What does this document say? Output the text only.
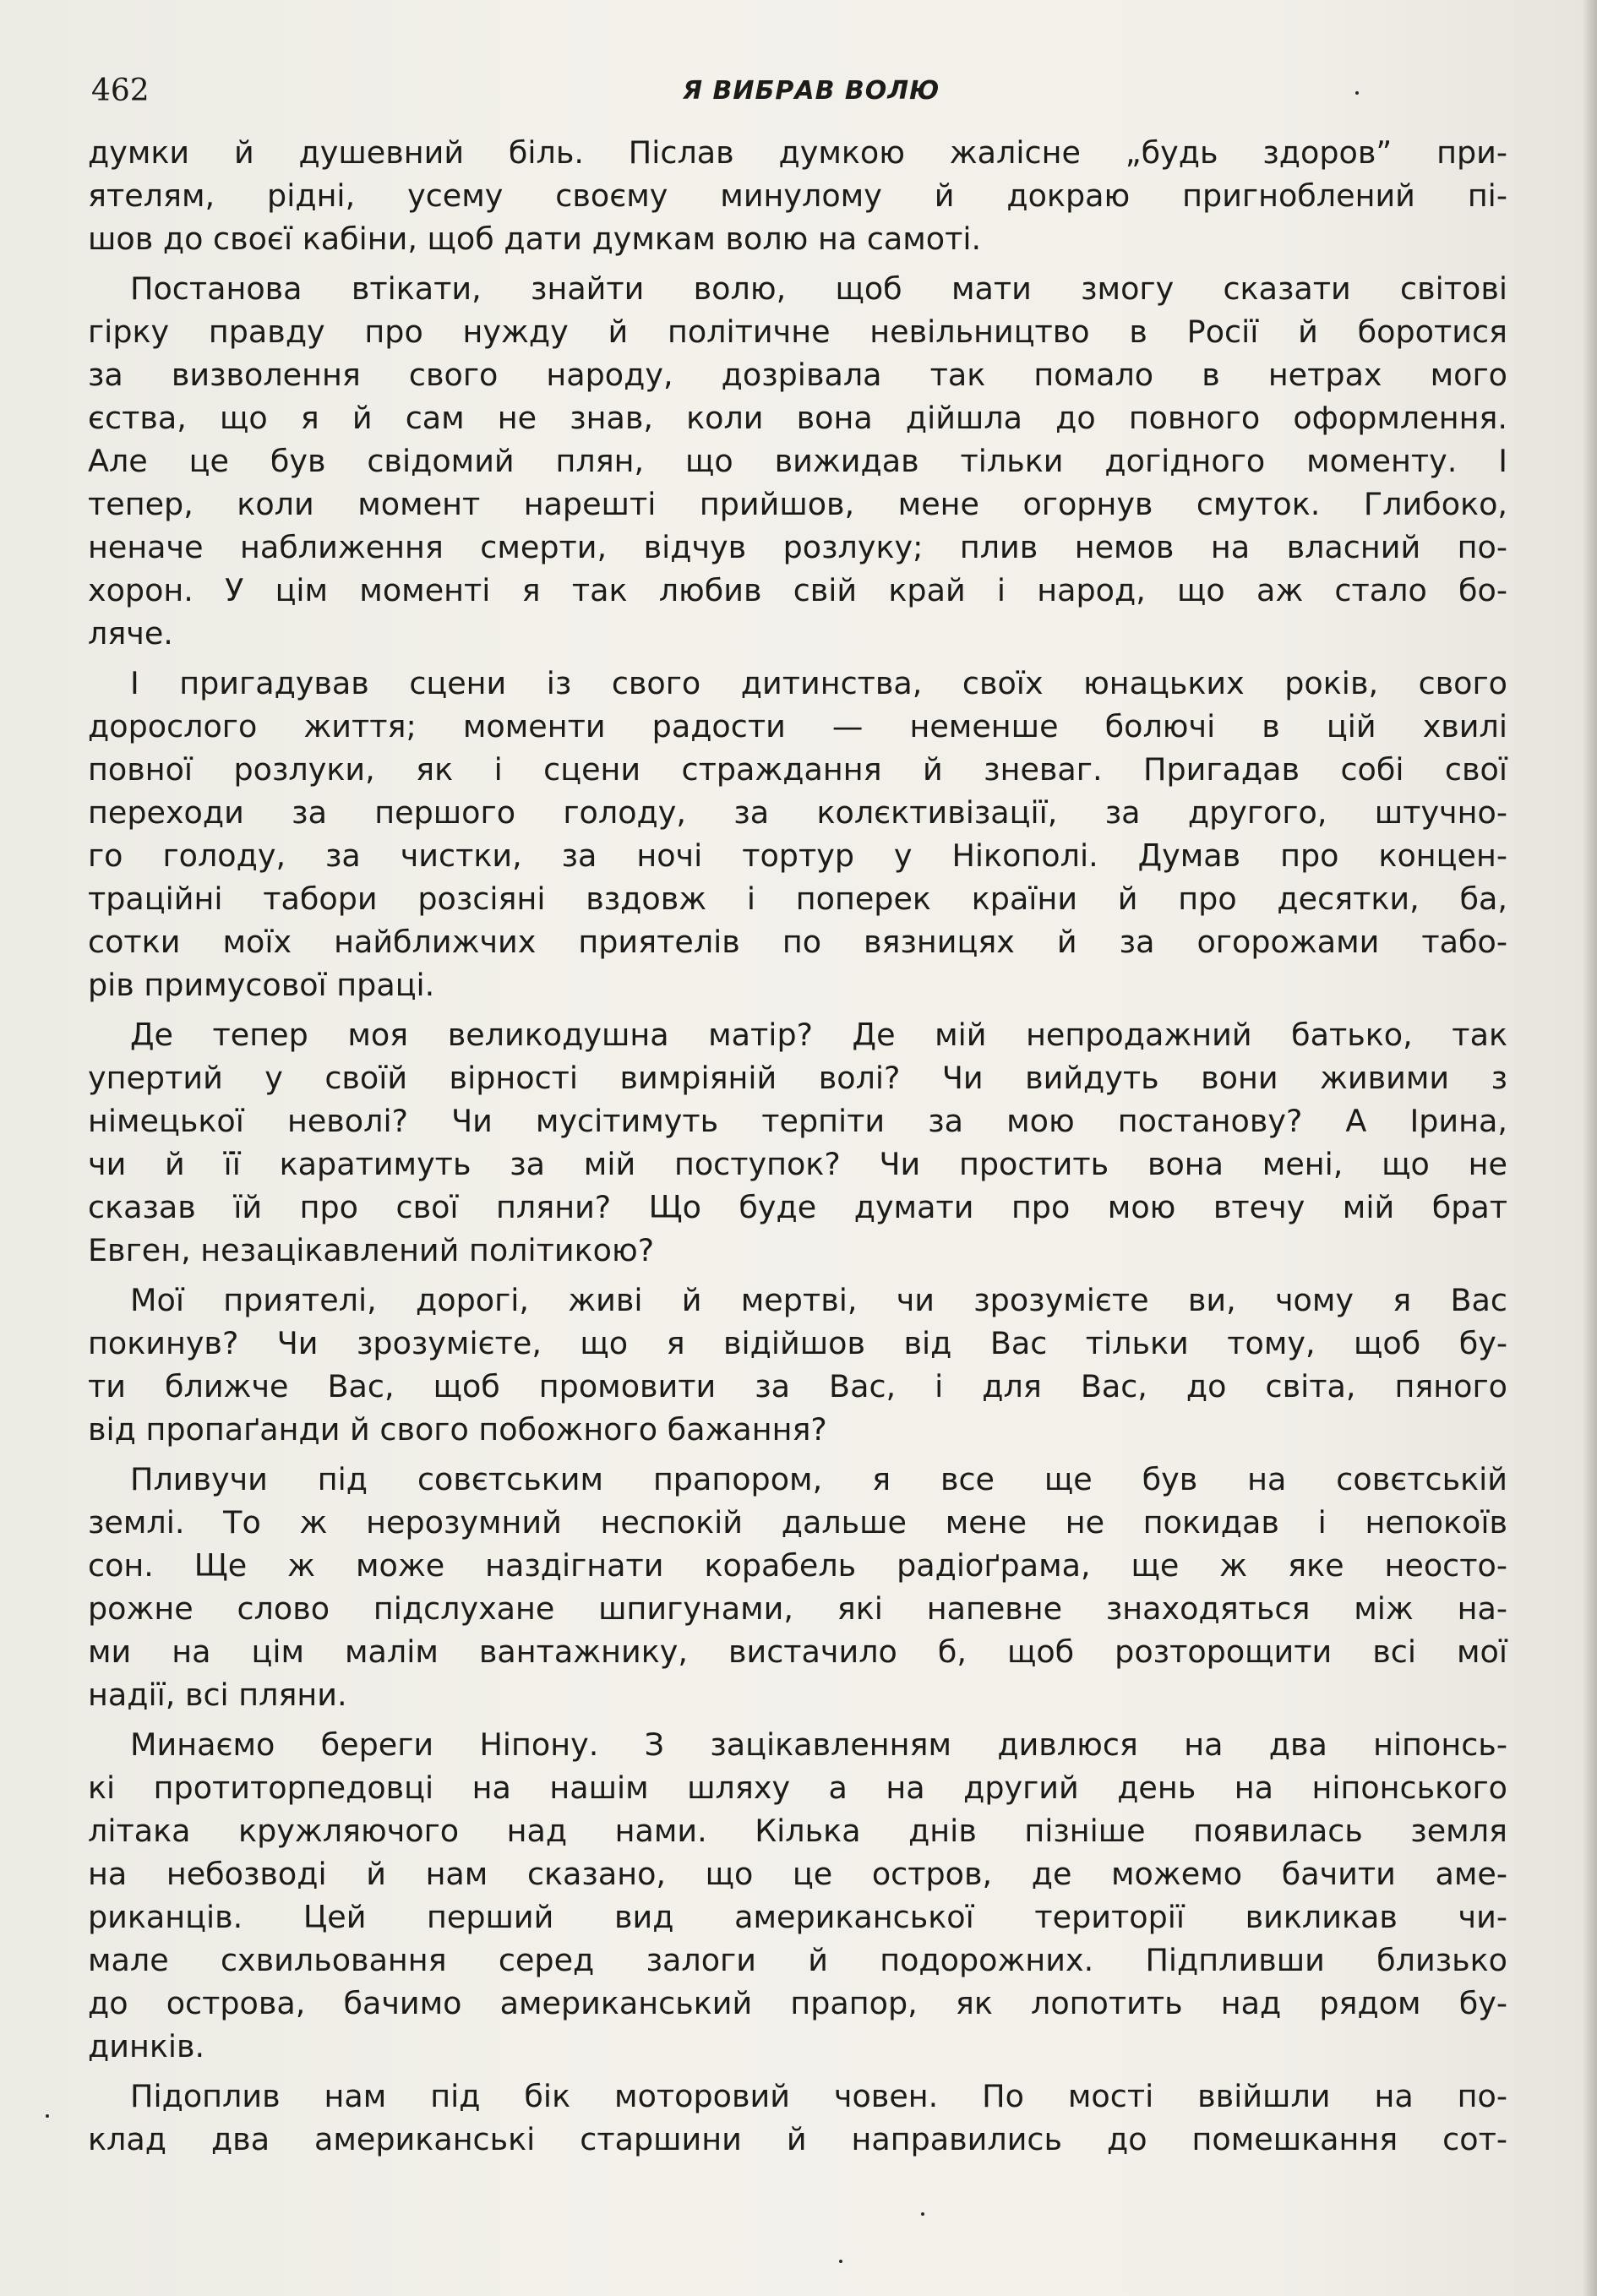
462	Я ВИБРАВ ВОЛЮ
думки й душевний біль. Післав думкою жалісне „будь здоров” при-
ятелям, рідні, усему своєму минулому й докраю пригноблений пі-
шов до своєї кабіни, щоб дати думкам волю на самоті.
Постанова втікати, знайти волю, щоб мати змогу сказати світові
гірку правду про нужду й політичне невільництво в Росії й боротися
за визволення свого народу, дозрівала так помало в нетрах мого
єства, що я й сам не знав, коли вона дійшла до повного оформлення.
Але це був свідомий плян, що вижидав тільки догідного моменту. І
тепер, коли момент нарешті прийшов, мене огорнув смуток. Глибоко,
неначе наближення смерти, відчув розлуку; плив немов на власний по-
хорон. У цім моменті я так любив свій край і народ, що аж стало бо-
ляче.
І пригадував сцени із свого дитинства, своїх юнацьких років, свого
дорослого життя; моменти радости — неменше болючі в цій хвилі
повної розлуки, як і сцени страждання й зневаг. Пригадав собі свої
переходи за першого голоду, за колєктивізації, за другого, штучно-
го голоду, за чистки, за ночі тортур у Нікополі. Думав про концен-
траційні табори розсіяні вздовж і поперек країни й про десятки, ба,
сотки моїх найближчих приятелів по вязницях й за огорожами табо-
рів примусової праці.
Де тепер моя великодушна матір? Де мій непродажний батько, так
упертий у своїй вірності вимріяній волі? Чи вийдуть вони живими з
німецької неволі? Чи мусітимуть терпіти за мою постанову? А Ірина,
чи й її каратимуть за мій поступок? Чи простить вона мені, що не
сказав їй про свої пляни? Що буде думати про мою втечу мій брат
Евген, незацікавлений політикою?
Мої приятелі, дорогі, живі й мертві, чи зрозумієте ви, чому я Вас
покинув? Чи зрозумієте, що я відійшов від Вас тільки тому, щоб бу-
ти ближче Вас, щоб промовити за Вас, і для Вас, до світа, пяного
від пропаґанди й свого побожного бажання?
Пливучи під совєтським прапором, я все ще був на совєтській
землі. То ж нерозумний неспокій дальше мене не покидав і непокоїв
сон. Ще ж може наздігнати корабель радіоґрама, ще ж яке неосто-
рожне слово підслухане шпигунами, які напевне знаходяться між на-
ми на цім малім вантажнику, вистачило б, щоб розторощити всі мої
надії, всі пляни.
Минаємо береги Ніпону. З зацікавленням дивлюся на два ніпонсь-
кі протиторпедовці на нашім шляху а на другий день на ніпонського
літака кружляючого над нами. Кілька днів пізніше появилась земля
на небозводі й нам сказано, що це остров, де можемо бачити аме-
риканців. Цей перший вид американської території викликав чи-
мале схвильовання серед залоги й подорожних. Підпливши близько
до острова, бачимо американський прапор, як лопотить над рядом бу-
динків.
Підоплив нам під бік моторовий човен. По мості ввійшли на по-
клад два американські старшини й направились до помешкання сот-
